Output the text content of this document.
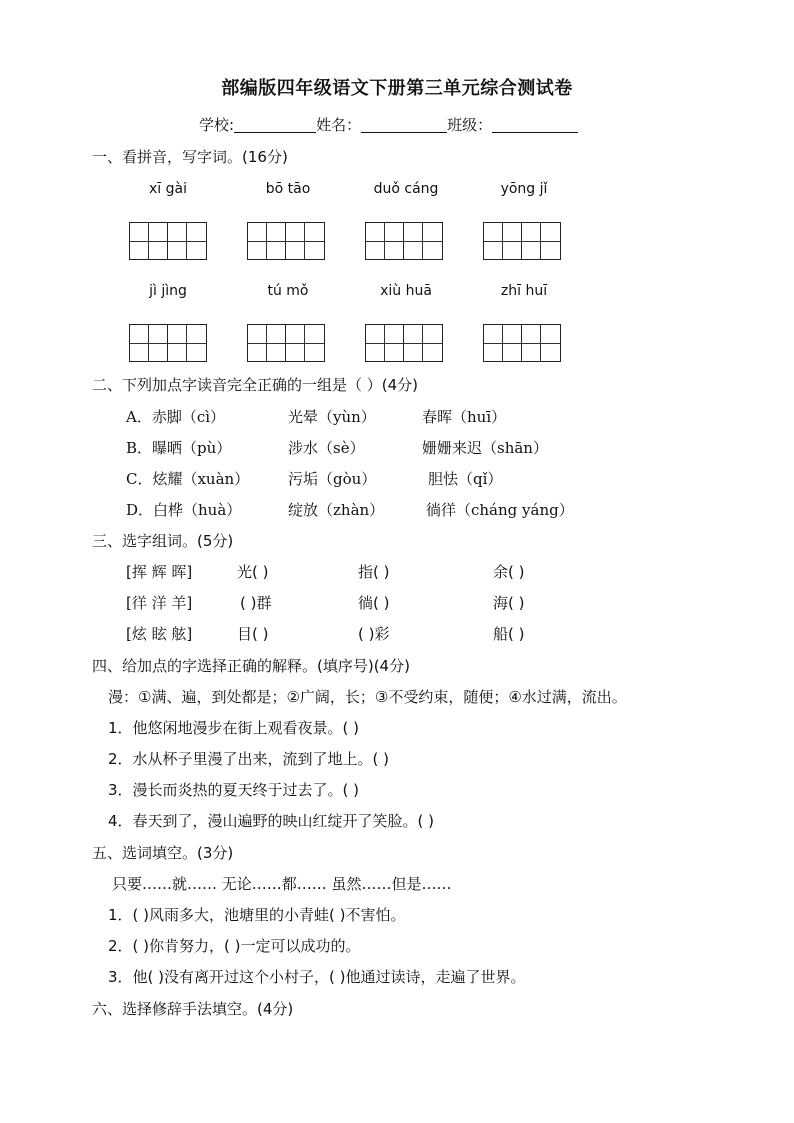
部编版四年级语文下册第三单元综合测试卷
学校:	姓名：	班级：
一、看拼音，写字词。(16分)
xī gài	bō tāo	duǒ cáng	yōng jǐ
jì jìng	tú mǒ	xiù huā	zhī huī
二、下列加点字读音完全正确的一组是（ ）(4分)
A．赤脚（cì）	光晕（yùn）	春晖（huī）
B．曝晒（pù）	涉水（sè）	姗姗来迟（shān）
C．炫耀（xuàn）	污垢（gòu）	胆怯（qǐ）
D．白桦（huà）	绽放（zhàn）	徜徉（cháng yáng）
三、选字组词。(5分)
[挥 辉 晖]	光( )	指( )	余( )
[徉 洋 羊]	( )群	徜( )	海( )
[炫 眩 舷]	目( )	( )彩	船( )
四、给加点的字选择正确的解释。(填序号)(4分)
漫：①满、遍，到处都是；②广阔，长；③不受约束，随便；④水过满，流出。
1．他悠闲地漫步在街上观看夜景。( )
2．水从杯子里漫了出来，流到了地上。( )
3．漫长而炎热的夏天终于过去了。( )
4．春天到了，漫山遍野的映山红绽开了笑脸。( )
五、选词填空。(3分)
只要……就…… 无论……都…… 虽然……但是……
1．( )风雨多大，池塘里的小青蛙( )不害怕。
2．( )你肯努力，( )一定可以成功的。
3．他( )没有离开过这个小村子，( )他通过读诗，走遍了世界。
六、选择修辞手法填空。(4分)
